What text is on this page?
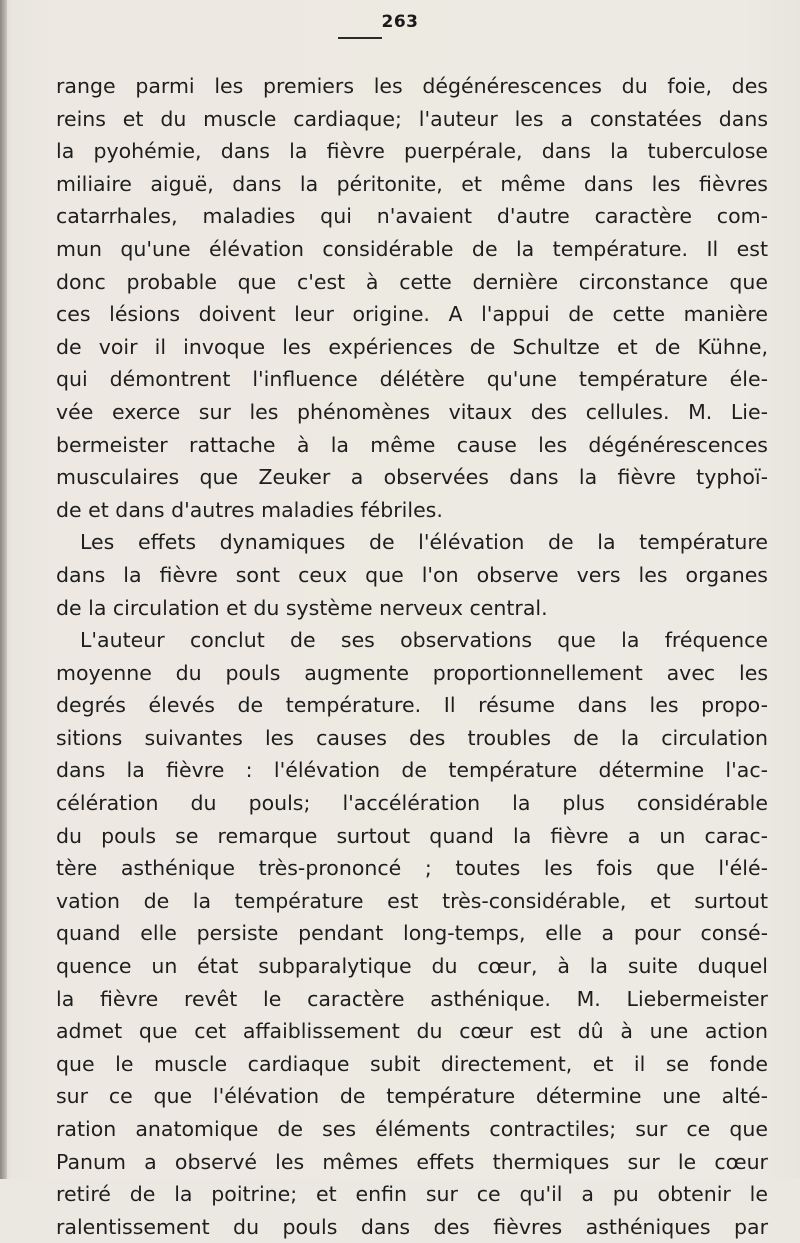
263
range parmi les premiers les dégénérescences du foie, des
reins et du muscle cardiaque; l'auteur les a constatées dans
la pyohémie, dans la fièvre puerpérale, dans la tuberculose
miliaire aiguë, dans la péritonite, et même dans les fièvres
catarrhales, maladies qui n'avaient d'autre caractère com-
mun qu'une élévation considérable de la température. Il est
donc probable que c'est à cette dernière circonstance que
ces lésions doivent leur origine. A l'appui de cette manière
de voir il invoque les expériences de Schultze et de Kühne,
qui démontrent l'influence délétère qu'une température éle-
vée exerce sur les phénomènes vitaux des cellules. M. Lie-
bermeister rattache à la même cause les dégénérescences
musculaires que Zeuker a observées dans la fièvre typhoï-
de et dans d'autres maladies fébriles.
Les effets dynamiques de l'élévation de la température
dans la fièvre sont ceux que l'on observe vers les organes
de la circulation et du système nerveux central.
L'auteur conclut de ses observations que la fréquence
moyenne du pouls augmente proportionnellement avec les
degrés élevés de température. Il résume dans les propo-
sitions suivantes les causes des troubles de la circulation
dans la fièvre : l'élévation de température détermine l'ac-
célération du pouls; l'accélération la plus considérable
du pouls se remarque surtout quand la fièvre a un carac-
tère asthénique très-prononcé ; toutes les fois que l'élé-
vation de la température est très-considérable, et surtout
quand elle persiste pendant long-temps, elle a pour consé-
quence un état subparalytique du cœur, à la suite duquel
la fièvre revêt le caractère asthénique. M. Liebermeister
admet que cet affaiblissement du cœur est dû à une action
que le muscle cardiaque subit directement, et il se fonde
sur ce que l'élévation de température détermine une alté-
ration anatomique de ses éléments contractiles; sur ce que
Panum a observé les mêmes effets thermiques sur le cœur
retiré de la poitrine; et enfin sur ce qu'il a pu obtenir le
ralentissement du pouls dans des fièvres asthéniques par
